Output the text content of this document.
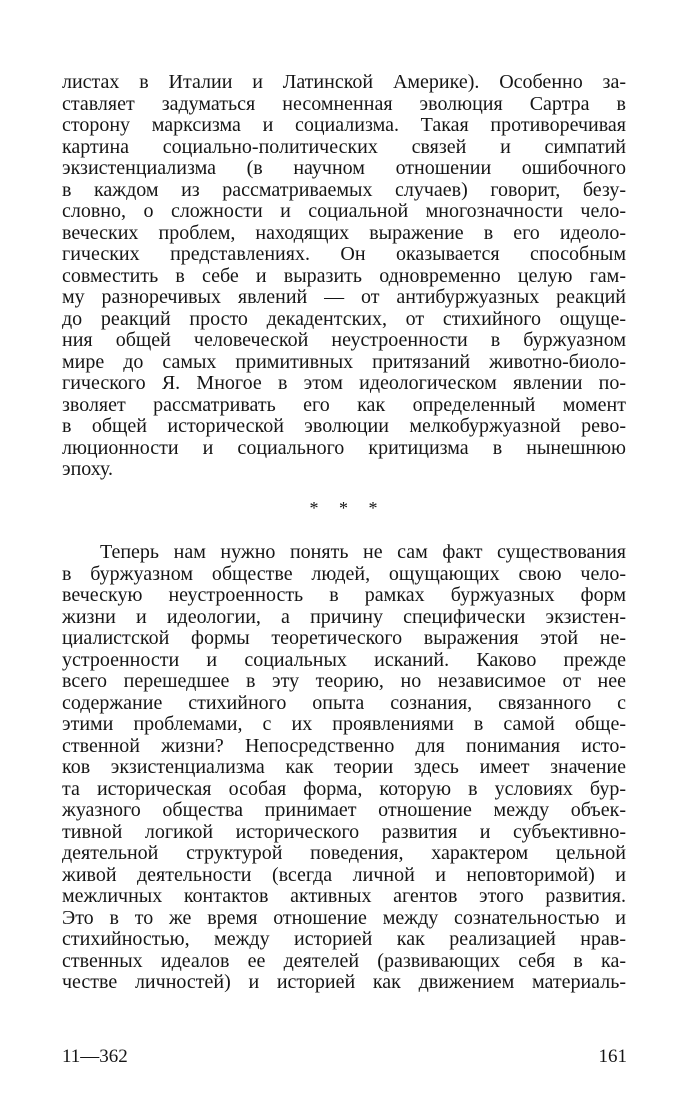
листах в Италии и Латинской Америке). Особенно за-
ставляет задуматься несомненная эволюция Сартра в
сторону марксизма и социализма. Такая противоречивая
картина социально-политических связей и симпатий
экзистенциализма (в научном отношении ошибочного
в каждом из рассматриваемых случаев) говорит, безу-
словно, о сложности и социальной многозначности чело-
веческих проблем, находящих выражение в его идеоло-
гических представлениях. Он оказывается способным
совместить в себе и выразить одновременно целую гам-
му разноречивых явлений — от антибуржуазных реакций
до реакций просто декадентских, от стихийного ощуще-
ния общей человеческой неустроенности в буржуазном
мире до самых примитивных притязаний животно-биоло-
гического Я. Многое в этом идеологическом явлении по-
зволяет рассматривать его как определенный момент
в общей исторической эволюции мелкобуржуазной рево-
люционности и социального критицизма в нынешнюю
эпоху.
* * *
Теперь нам нужно понять не сам факт существования
в буржуазном обществе людей, ощущающих свою чело-
веческую неустроенность в рамках буржуазных форм
жизни и идеологии, а причину специфически экзистен-
циалистской формы теоретического выражения этой не-
устроенности и социальных исканий. Каково прежде
всего перешедшее в эту теорию, но независимое от нее
содержание стихийного опыта сознания, связанного с
этими проблемами, с их проявлениями в самой обще-
ственной жизни? Непосредственно для понимания исто-
ков экзистенциализма как теории здесь имеет значение
та историческая особая форма, которую в условиях бур-
жуазного общества принимает отношение между объек-
тивной логикой исторического развития и субъективно-
деятельной структурой поведения, характером цельной
живой деятельности (всегда личной и неповторимой) и
межличных контактов активных агентов этого развития.
Это в то же время отношение между сознательностью и
стихийностью, между историей как реализацией нрав-
ственных идеалов ее деятелей (развивающих себя в ка-
честве личностей) и историей как движением материаль-
11—362	161
